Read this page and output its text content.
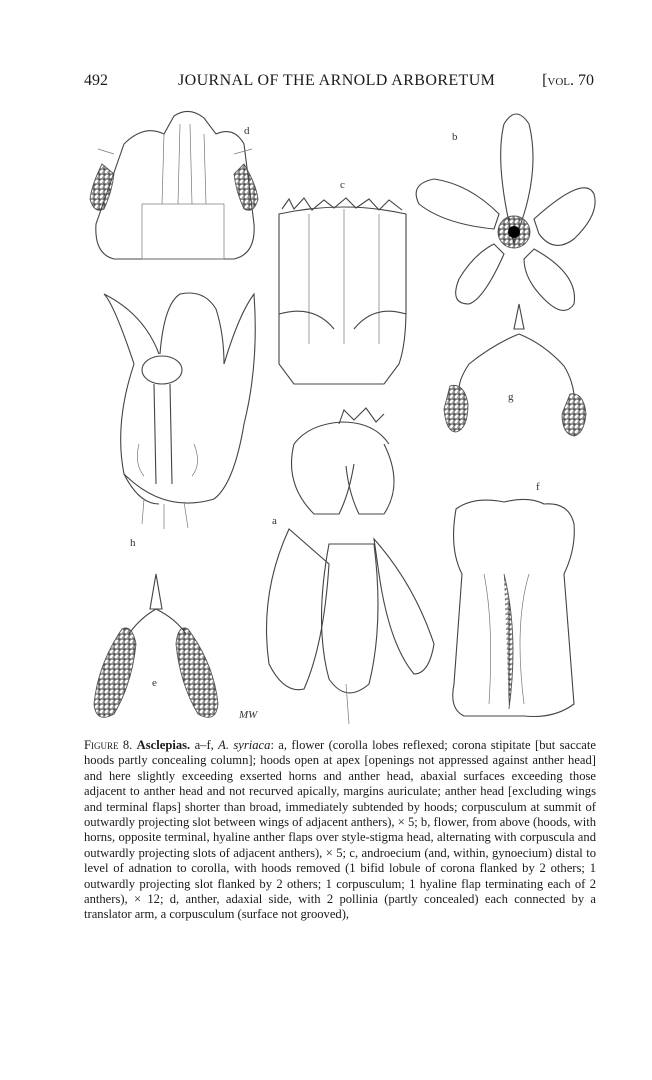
492	JOURNAL OF THE ARNOLD ARBORETUM	[vol. 70
d	b
c
g
h
a
e
f
MW
Figure 8. Asclepias. a–f, A. syriaca: a, flower (corolla lobes reflexed; corona stipitate [but saccate hoods partly concealing column]; hoods open at apex [openings not appressed against anther head] and here slightly exceeding exserted horns and anther head, abaxial surfaces exceeding those adjacent to anther head and not recurved apically, margins auriculate; anther head [excluding wings and terminal flaps] shorter than broad, immediately subtended by hoods; corpusculum at summit of outwardly projecting slot between wings of adjacent anthers), × 5; b, flower, from above (hoods, with horns, opposite terminal, hyaline anther flaps over style-stigma head, alternating with corpuscula and outwardly projecting slots of adjacent anthers), × 5; c, androecium (and, within, gynoecium) distal to level of adnation to corolla, with hoods removed (1 bifid lobule of corona flanked by 2 others; 1 outwardly projecting slot flanked by 2 others; 1 corpusculum; 1 hyaline flap terminating each of 2 anthers), × 12; d, anther, adaxial side, with 2 pollinia (partly concealed) each connected by a translator arm, a corpusculum (surface not grooved),
